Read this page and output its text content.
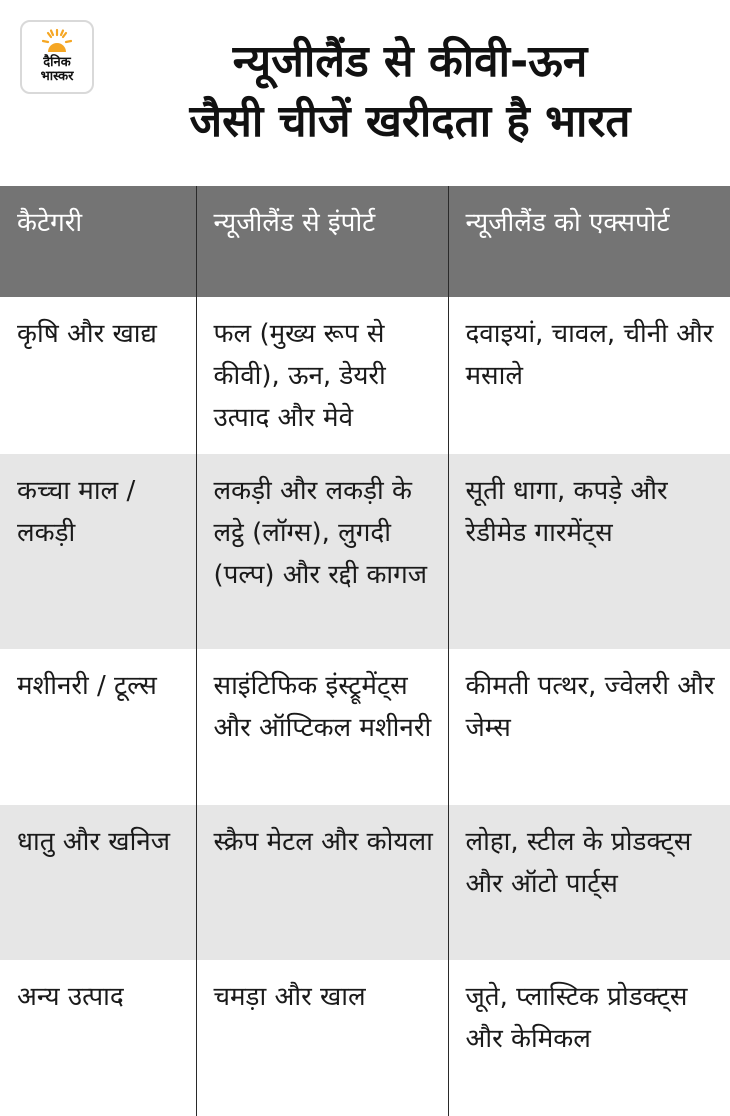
दैनिक
भास्कर	न्यूजीलैंड से कीवी-ऊन
जैसी चीजें खरीदता है भारत
कैटेगरी	न्यूजीलैंड से इंपोर्ट	न्यूजीलैंड को एक्सपोर्ट
कृषि और खाद्य	फल (मुख्य रूप से कीवी), ऊन, डेयरी उत्पाद और मेवे	दवाइयां, चावल, चीनी और मसाले
कच्चा माल / लकड़ी	लकड़ी और लकड़ी के लट्ठे (लॉग्स), लुगदी (पल्प) और रद्दी कागज	सूती धागा, कपड़े और रेडीमेड गारमेंट्स
मशीनरी / टूल्स	साइंटिफिक इंस्ट्रूमेंट्स और ऑप्टिकल मशीनरी	कीमती पत्थर, ज्वेलरी और जेम्स
धातु और खनिज	स्क्रैप मेटल और कोयला	लोहा, स्टील के प्रोडक्ट्स और ऑटो पार्ट्स
अन्य उत्पाद	चमड़ा और खाल	जूते, प्लास्टिक प्रोडक्ट्स और केमिकल
